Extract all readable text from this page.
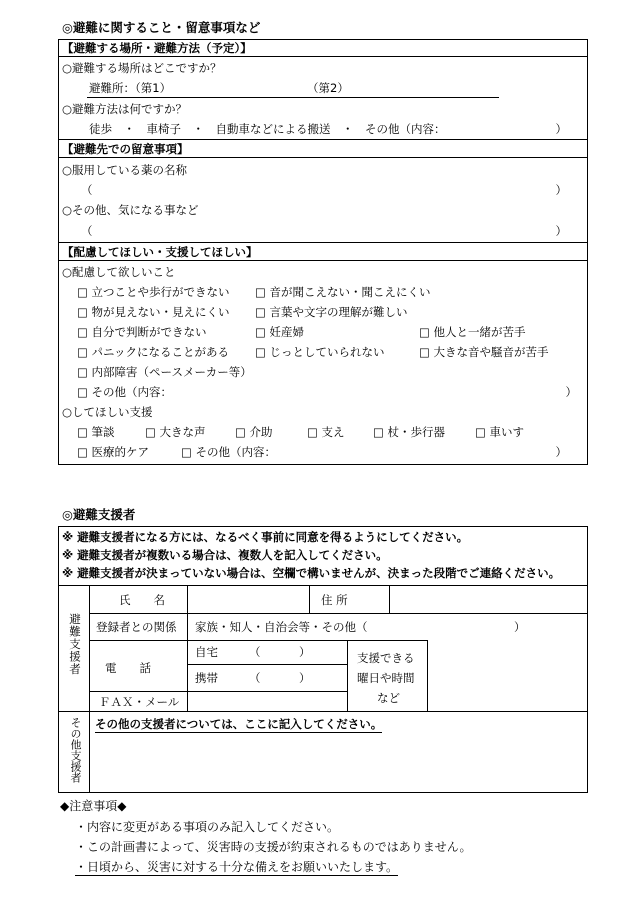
◎避難に関すること・留意事項など
【避難する場所・避難方法（予定）】
○避難する場所はどこですか？
避難所：（第1）	（第2）
○避難方法は何ですか？
徒歩　・　車椅子　・　自動車などによる搬送　・　その他（内容：	）
【避難先での留意事項】
○服用している薬の名称
（	）
○その他、気になる事など
（	）
【配慮してほしい・支援してほしい】
○配慮して欲しいこと
□ 立つことや歩行ができない □ 音が聞こえない・聞こえにくい
□ 物が見えない・見えにくい □ 言葉や文字の理解が難しい
□ 自分で判断ができない	□ 妊産婦	□ 他人と一緒が苦手
□ パニックになることがある □ じっとしていられない	□ 大きな音や騒音が苦手
□ 内部障害（ペースメーカー等）
□ その他（内容：	）
○してほしい支援
□ 筆談	□ 大きな声	□ 介助	□ 支え □ 杖・歩行器	□ 車いす
□ 医療的ケア	□ その他（内容：	）
◎避難支援者
※ 避難支援者になる方には、なるべく事前に同意を得るようにしてください。
※ 避難支援者が複数いる場合は、複数人を記入してください。
※ 避難支援者が決まっていない場合は、空欄で構いませんが、決まった段階でご連絡ください。
避難支援者
氏　　名	住 所
登録者との関係 家族・知人・自治会等・その他（	）
電　　話
自宅	（	）
携帯	（	）
支援できる
曜日や時間
など
ＦＡＸ・メール
その他支援者 その他の支援者については、ここに記入してください。
◆注意事項◆
・内容に変更がある事項のみ記入してください。
・この計画書によって、災害時の支援が約束されるものではありません。
・日頃から、災害に対する十分な備えをお願いいたします。
